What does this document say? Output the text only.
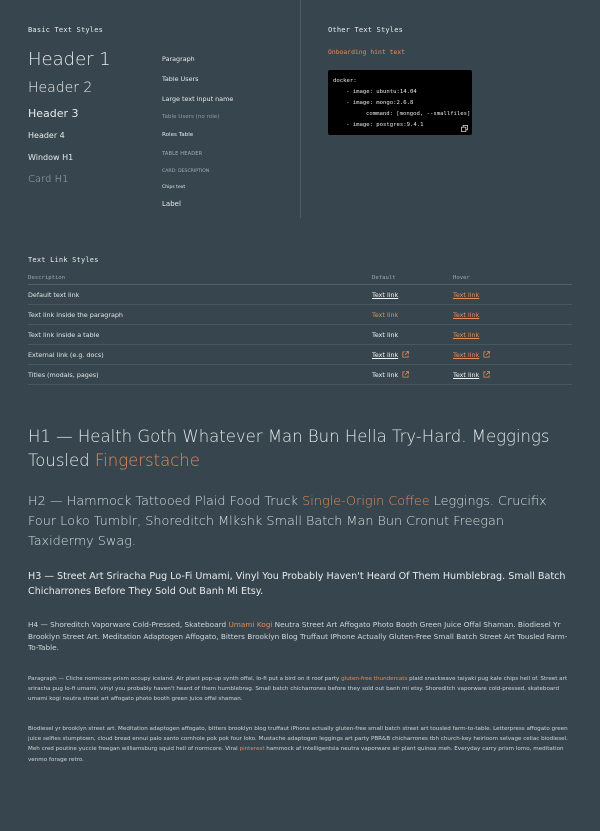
Basic Text Styles
Header 1
Header 2
Header 3
Header 4
Window H1
Card H1
Paragraph
Table Users
Large text input name
Table Users (no role)
Roles Table
TABLE HEADER
CARD: DESCRIPTION
Chips text
Label
Other Text Styles
Onboarding hint text
docker:
- image: ubuntu:14.04
- image: mongo:2.6.8
command: [mongod, --smallfiles]
- image: postgres:9.4.1
Text Link Styles
Description	Default	Hover
Default text link	Text link	Text link
Text link inside the paragraph	Text link	Text link
Text link inside a table	Text link	Text link
External link (e.g. docs)	Text link	Text link
Titles (modals, pages)	Text link	Text link
H1 — Health Goth Whatever Man Bun Hella Try-Hard. Meggings Tousled Fingerstache
H2 — Hammock Tattooed Plaid Food Truck Single-Origin Coffee Leggings. Crucifix Four Loko Tumblr, Shoreditch Mlkshk Small Batch Man Bun Cronut Freegan Taxidermy Swag.
H3 — Street Art Sriracha Pug Lo-Fi Umami, Vinyl You Probably Haven't Heard Of Them Humblebrag. Small Batch Chicharrones Before They Sold Out Banh Mi Etsy.
H4 — Shoreditch Vaporware Cold-Pressed, Skateboard Umami Kogi Neutra Street Art Affogato Photo Booth Green Juice Offal Shaman. Biodiesel Yr Brooklyn Street Art. Meditation Adaptogen Affogato, Bitters Brooklyn Blog Truffaut IPhone Actually Gluten-Free Small Batch Street Art Tousled Farm-To-Table.
Paragraph — Cliche normcore prism occupy iceland. Air plant pop-up synth offal, lo-fi put a bird on it roof party gluten-free thundercats plaid snackwave taiyaki pug kale chips hell of. Street art sriracha pug lo-fi umami, vinyl you probably haven't heard of them humblebrag. Small batch chicharrones before they sold out banh mi etsy. Shoreditch vaporware cold-pressed, skateboard umami kogi neutra street art affogato photo booth green juice offal shaman.
Biodiesel yr brooklyn street art. Meditation adaptogen affogato, bitters brooklyn blog truffaut iPhone actually gluten-free small batch street art tousled farm-to-table. Letterpress affogato green juice selfies stumptown, cloud bread ennui palo santo cornhole pok pok four loko. Mustache adaptogen leggings art party PBR&B chicharrones tbh church-key heirloom selvage celiac biodiesel. Meh cred poutine yuccie freegan williamsburg squid hell of normcore. Viral pinterest hammock af intelligentsia neutra vaporware air plant quinoa meh. Everyday carry prism lomo, meditation venmo forage retro.
